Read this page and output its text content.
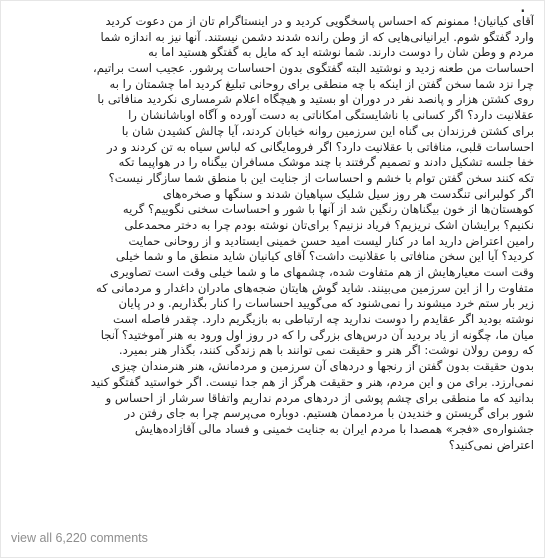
.
آقای کیانیان! ممنونم که احساس پاسخگویی کردید و در اینستاگرام تان از من دعوت کردید
وارد گفتگو شوم. ایرانیانی‌هایی که از وطن رانده شدند دشمن نیستند. آنها نیز به اندازه شما
مردم و وطن شان را دوست دارند. شما نوشته اید که مایل به گفتگو هستید اما به
احساسات من طعنه زدید و نوشتید البته گفتگوی بدون احساسات پرشور. عجیب است براتیم،
چرا نزد شما سخن گفتن از اینکه با چه منطقی برای روحانی تبلیغ کردید اما چشمتان را به
روی کشتن هزار و پانصد نفر در دوران او بستید و هیچگاه اعلام شرمساری نکردید منافاتی با
عقلانیت دارد؟ اگر کسانی با ناشایستگی امکاناتی به دست آورده و آگاه اوباشانشان را
برای کشتن فرزندان بی گناه این سرزمین روانه خیابان کردند، آیا چالش کشیدن شان با
احساسات قلبی، منافاتی با عقلانیت دارد؟ اگر فرومایگانی که لباس سیاه به تن کردند و در
خفا جلسه تشکیل دادند و تصمیم گرفتند با چند موشک مسافران بیگناه را در هواپیما تکه
تکه کنند سخن گفتن توام با خشم و احساسات از جنایت این با منطق شما سازگار نیست؟
اگر کولبرانی تنگدست هر روز سیل شلیک سپاهیان شدند و سنگها و صخره‌های
کوهستان‌ها از خون بیگناهان رنگین شد از آنها با شور و احساسات سخنی نگوییم؟ گریه
نکنیم؟ برایشان اشک نریزیم؟ فریاد نزنیم؟ برای‌تان نوشته بودم چرا به دختر محمدعلی
رامین اعتراض دارید اما در کنار لیست امید حسن خمینی ایستادید و از روحانی حمایت
کردید؟ آیا این سخن منافاتی با عقلانیت داشت؟ آقای کیانیان شاید منطق ما و شما خیلی
وقت است معیارهایش از هم متفاوت شده، چشمهای ما و شما خیلی وقت است تصاویری
متفاوت را از این سرزمین می‌بینند. شاید گوش هایتان ضجه‌های مادران داغدار و مردمانی که
زیر بار ستم خرد میشوند را نمی‌شنود که می‌گویید احساسات را کنار بگذاریم. و در پایان
نوشته بودید اگر عقایدم را دوست ندارید چه ارتباطی به بازیگریم دارد. چقدر فاصله است
میان ما، چگونه از یاد بردید آن درس‌های بزرگی را که در روز اول ورود به هنر آموختید؟ آنجا
که رومن رولان نوشت: اگر هنر و حقیقت نمی توانند با هم زندگی کنند، بگذار هنر بمیرد.
بدون حقیقت بدون گفتن از رنجها و دردهای آن سرزمین و مردمانش، هنر هنرمندان چیزی
نمی‌ارزد. برای من و این مردم، هنر و حقیقت هرگز از هم جدا نیست. اگر خواستید گفتگو کنید
بدانید که ما منطقی برای چشم پوشی از دردهای مردم نداریم واتفاقا سرشار از احساس و
شور برای گریستن و خندیدن با مردممان هستیم. دوباره می‌پرسم چرا به جای رفتن در
جشنواره‌ی «فجر» همصدا با مردم ایران به جنایت خمینی و فساد مالی آقازاده‌هایش
اعتراض نمی‌کنید؟
view all 6,220 comments
